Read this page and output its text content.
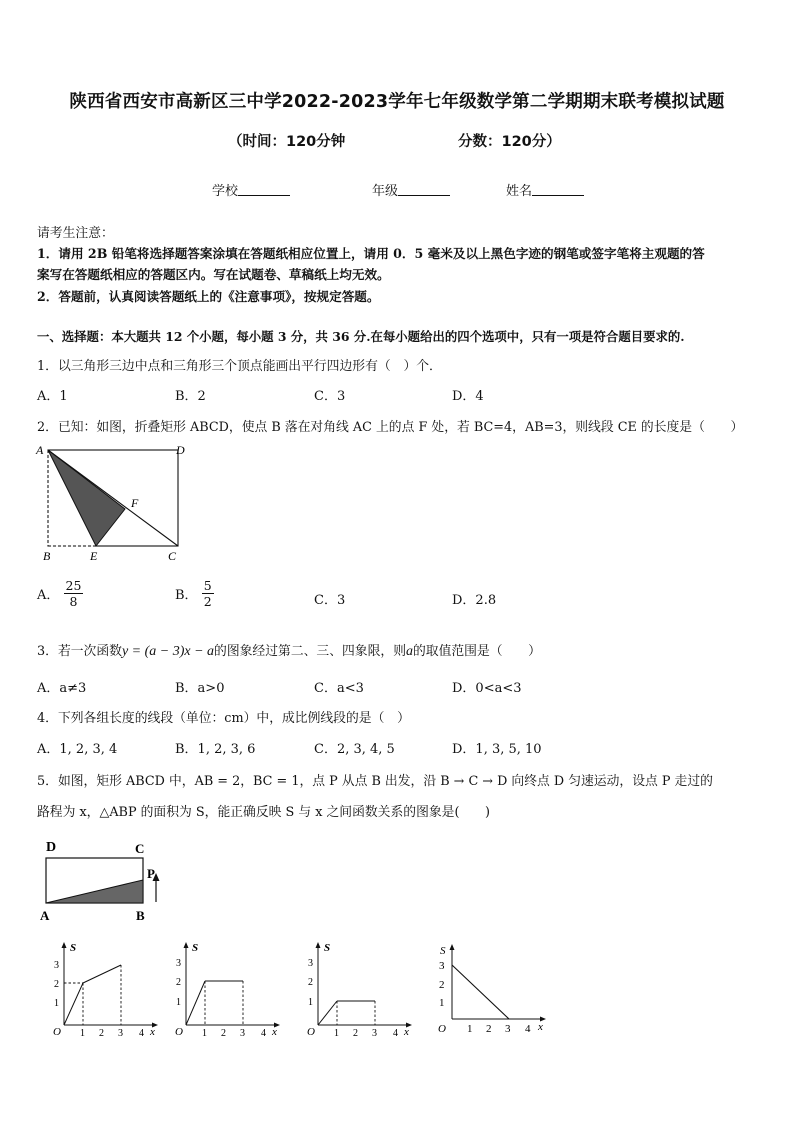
陕西省西安市高新区三中学2022-2023学年七年级数学第二学期期末联考模拟试题
（时间：120分钟	分数：120分）
学校	年级	姓名
请考生注意：
1．请用 2B 铅笔将选择题答案涂填在答题纸相应位置上，请用 0．5 毫米及以上黑色字迹的钢笔或签字笔将主观题的答
案写在答题纸相应的答题区内。写在试题卷、草稿纸上均无效。
2．答题前，认真阅读答题纸上的《注意事项》，按规定答题。
一、选择题：本大题共 12 个小题，每小题 3 分，共 36 分.在每小题给出的四个选项中，只有一项是符合题目要求的.
1．以三角形三边中点和三角形三个顶点能画出平行四边形有（　）个．
A．1	B．2	C．3	D．4
2．已知：如图，折叠矩形 ABCD，使点 B 落在对角线 AC 上的点 F 处，若 BC=4，AB=3，则线段 CE 的长度是（　　）
A	D
B	E	C
F
A． $\frac{25}{8}$	B． $\frac{5}{2}$	C．3	D．2.8
3．若一次函数y = (a − 3)x − a的图象经过第二、三、四象限，则a的取值范围是（　　）
A．a≠3	B．a>0	C．a<3	D．0<a<3
4．下列各组长度的线段（单位：cm）中，成比例线段的是（　）
A．1, 2, 3, 4	B．1, 2, 3, 6	C．2, 3, 4, 5	D．1, 3, 5, 10
5．如图，矩形 ABCD 中，AB = 2，BC = 1，点 P 从点 B 出发，沿 B → C → D 向终点 D 匀速运动，设点 P 走过的
路程为 x，△ABP 的面积为 S，能正确反映 S 与 x 之间函数关系的图象是(　　)
D	C
P
A	B
S
x
O
3
2
1
1 2 3 4
S
x
O
3
2
1
1 2 3 4
S
x
O
3
2
1
1 2 3 4
S
x
O
3
2
1
1 2 3 4
